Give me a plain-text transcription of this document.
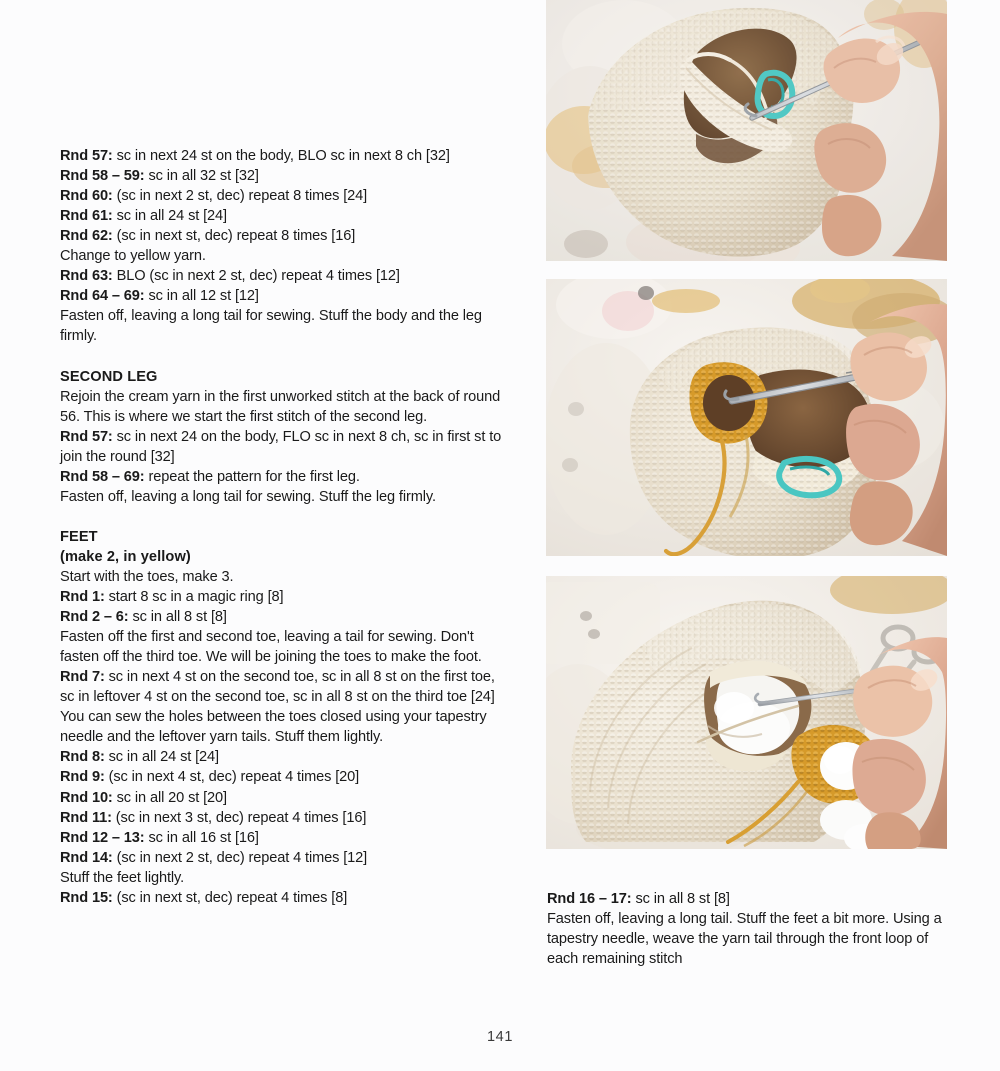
Rnd 57: sc in next 24 st on the body, BLO sc in next 8 ch [32]
Rnd 58 – 59: sc in all 32 st [32]
Rnd 60: (sc in next 2 st, dec) repeat 8 times [24]
Rnd 61: sc in all 24 st [24]
Rnd 62: (sc in next st, dec) repeat 8 times [16]
Change to yellow yarn.
Rnd 63: BLO (sc in next 2 st, dec) repeat 4 times [12]
Rnd 64 – 69: sc in all 12 st [12]
Fasten off, leaving a long tail for sewing. Stuff the body and the leg firmly.
SECOND LEG
Rejoin the cream yarn in the first unworked stitch at the back of round 56. This is where we start the first stitch of the second leg.
Rnd 57: sc in next 24 on the body, FLO sc in next 8 ch, sc in first st to join the round [32]
Rnd 58 – 69: repeat the pattern for the first leg.
Fasten off, leaving a long tail for sewing. Stuff the leg firmly.
FEET
(make 2, in yellow)
Start with the toes, make 3.
Rnd 1: start 8 sc in a magic ring [8]
Rnd 2 – 6: sc in all 8 st [8]
Fasten off the first and second toe, leaving a tail for sewing. Don't fasten off the third toe. We will be joining the toes to make the foot.
Rnd 7: sc in next 4 st on the second toe, sc in all 8 st on the first toe, sc in leftover 4 st on the second toe, sc in all 8 st on the third toe [24]
You can sew the holes between the toes closed using your tapestry needle and the leftover yarn tails. Stuff them lightly.
Rnd 8: sc in all 24 st [24]
Rnd 9: (sc in next 4 st, dec) repeat 4 times [20]
Rnd 10: sc in all 20 st [20]
Rnd 11: (sc in next 3 st, dec) repeat 4 times [16]
Rnd 12 – 13: sc in all 16 st [16]
Rnd 14: (sc in next 2 st, dec) repeat 4 times [12]
Stuff the feet lightly.
Rnd 15: (sc in next st, dec) repeat 4 times [8]	Rnd 16 – 17: sc in all 8 st [8]
Fasten off, leaving a long tail. Stuff the feet a bit more. Using a tapestry needle, weave the yarn tail through the front loop of each remaining stitch
141
